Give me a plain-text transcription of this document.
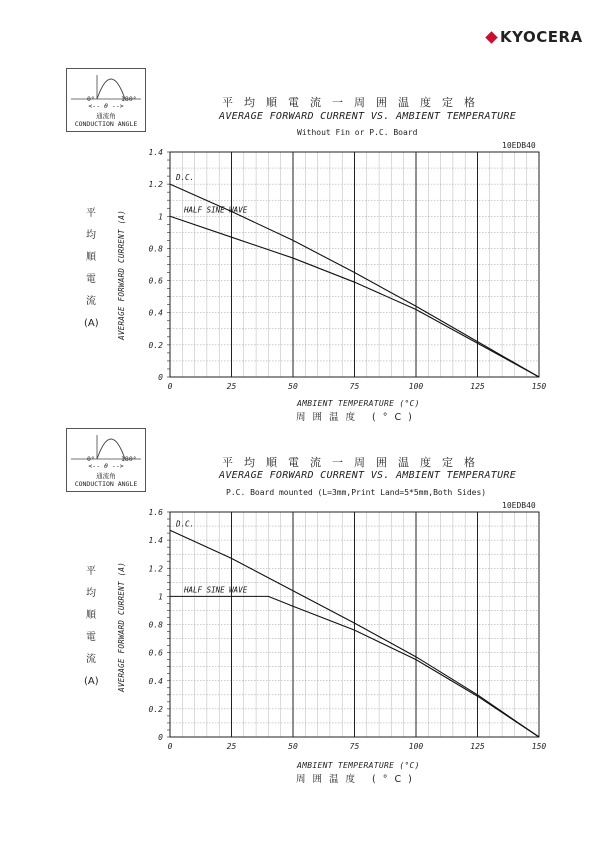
KYOCERA
0°	180°
<-- θ -->
通流角
CONDUCTION ANGLE
平均順電流一周囲温度定格
AVERAGE FORWARD CURRENT VS. AMBIENT TEMPERATURE
Without Fin or P.C. Board
10EDB40
平
均
順
電
流
(A) AVERAGE FORWARD CURRENT (A)
0	25	50	75	100	125	150
0
0.2
0.4
0.6
0.8
1
1.2
1.4
D.C.
HALF SINE WAVE
AMBIENT TEMPERATURE (°C)
周囲温度 (°C)
0°	180°
<-- θ -->
通流角
CONDUCTION ANGLE
平均順電流一周囲温度定格
AVERAGE FORWARD CURRENT VS. AMBIENT TEMPERATURE
P.C. Board mounted (L=3mm,Print Land=5*5mm,Both Sides)
10EDB40
平
均
順
電
流
(A) AVERAGE FORWARD CURRENT (A)
0	25	50	75	100	125	150
0
0.2
0.4
0.6
0.8
1
1.2
1.4
1.6
D.C.
HALF SINE WAVE
AMBIENT TEMPERATURE (°C)
周囲温度 (°C)
